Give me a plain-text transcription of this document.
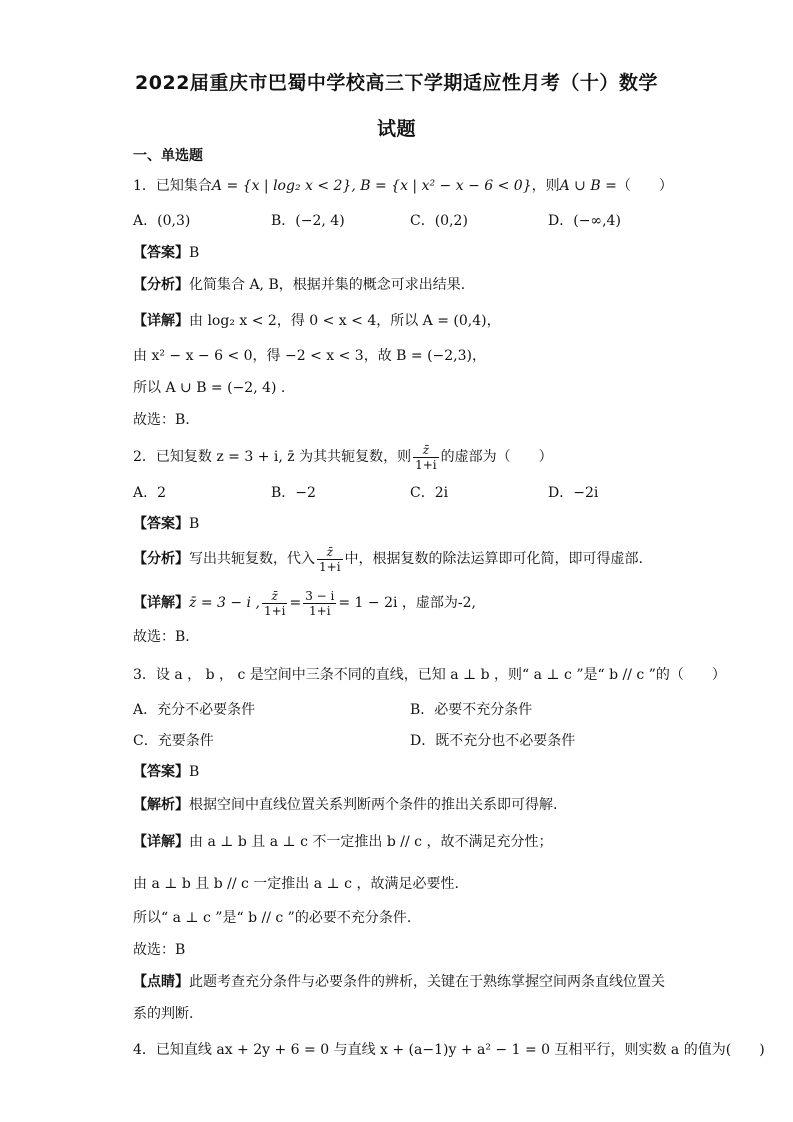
2022届重庆市巴蜀中学校高三下学期适应性月考（十）数学
试题
一、单选题
1．已知集合A = {x | log₂ x < 2}, B = {x | x² − x − 6 < 0}，则A ∪ B =（　　）
A．(0,3)	B．(−2, 4)	C．(0,2)	D．(−∞,4)
【答案】B
【分析】化简集合 A, B，根据并集的概念可求出结果.
【详解】由 log₂ x < 2，得 0 < x < 4，所以 A = (0,4)，
由 x² − x − 6 < 0，得 −2 < x < 3，故 B = (−2,3)，
所以 A ∪ B = (−2, 4) .
故选：B.
2．已知复数 z = 3 + i, z̄ 为其共轭复数，则 $\frac{z̄}{1+i}$ 的虚部为（　　）
A．2	B．−2	C．2i	D．−2i
【答案】B
【分析】写出共轭复数，代入 $\frac{z̄}{1+i}$ 中，根据复数的除法运算即可化简，即可得虚部.
【详解】z̄ = 3 − i , $\frac{z̄}{1+i} = \frac{3 - i}{1+i} = 1 - 2i$ ，虚部为-2,
故选：B.
3．设 a ， b ， c 是空间中三条不同的直线，已知 a ⊥ b ，则“ a ⊥ c ”是“ b // c ”的（　　）
A．充分不必要条件	B．必要不充分条件
C．充要条件	D．既不充分也不必要条件
【答案】B
【解析】根据空间中直线位置关系判断两个条件的推出关系即可得解.
【详解】由 a ⊥ b 且 a ⊥ c 不一定推出 b // c ，故不满足充分性；
由 a ⊥ b 且 b // c 一定推出 a ⊥ c ，故满足必要性.
所以“ a ⊥ c ”是“ b // c ”的必要不充分条件.
故选：B
【点睛】此题考查充分条件与必要条件的辨析，关键在于熟练掌握空间两条直线位置关
系的判断.
4．已知直线 ax + 2y + 6 = 0 与直线 x + (a−1)y + a² − 1 = 0 互相平行，则实数 a 的值为(　　)
